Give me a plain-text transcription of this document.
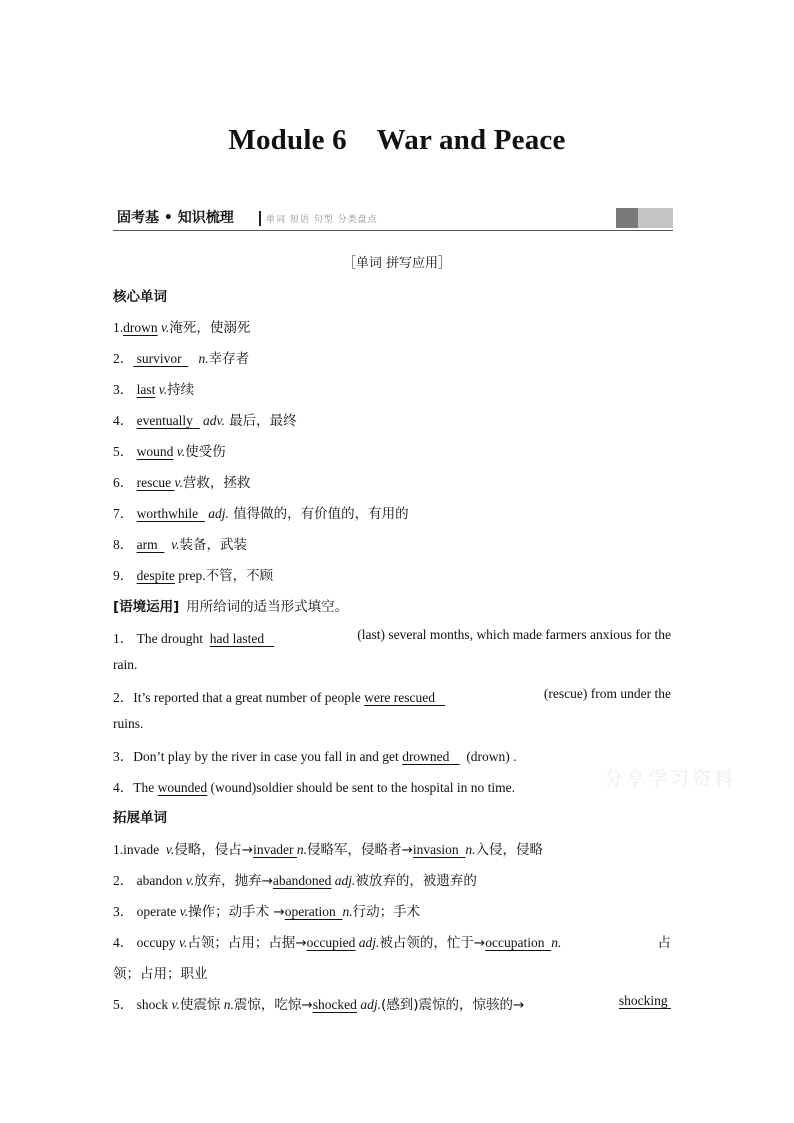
Module 6 War and Peace
固考基 • 知识梳理	单词 短语 句型 分类盘点
［单词 拼写应用］
核心单词
1.drown v.淹死，使溺死
2． survivor n.幸存者
3． last v.持续
4． eventually adv. 最后，最终
5． wound v.使受伤
6． rescue v.营救，拯救
7． worthwhile adj. 值得做的，有价值的，有用的
8． arm v.装备，武装
9． despite prep.不管，不顾
[语境运用] 用所给词的适当形式填空。
1． The drought had lasted	(last) several months, which made farmers anxious for the
rain.
2．It’s reported that a great number of people were rescued	(rescue) from under the
ruins.
3．Don’t play by the river in case you fall in and get drowned (drown) .
4．The wounded (wound)soldier should be sent to the hospital in no time.	分享学习资料
拓展单词
1.invade v.侵略，侵占→invader n.侵略军，侵略者→invasion n.入侵，侵略
2． abandon v.放弃，抛弃→abandoned adj.被放弃的，被遗弃的
3． operate v.操作；动手术 →operation n.行动；手术
4． occupy v.占领；占用；占据→occupied adj.被占领的，忙于→occupation n.	占
领；占用；职业
5． shock v.使震惊 n.震惊，吃惊→shocked adj.(感到)震惊的，惊骇的→	shocking
